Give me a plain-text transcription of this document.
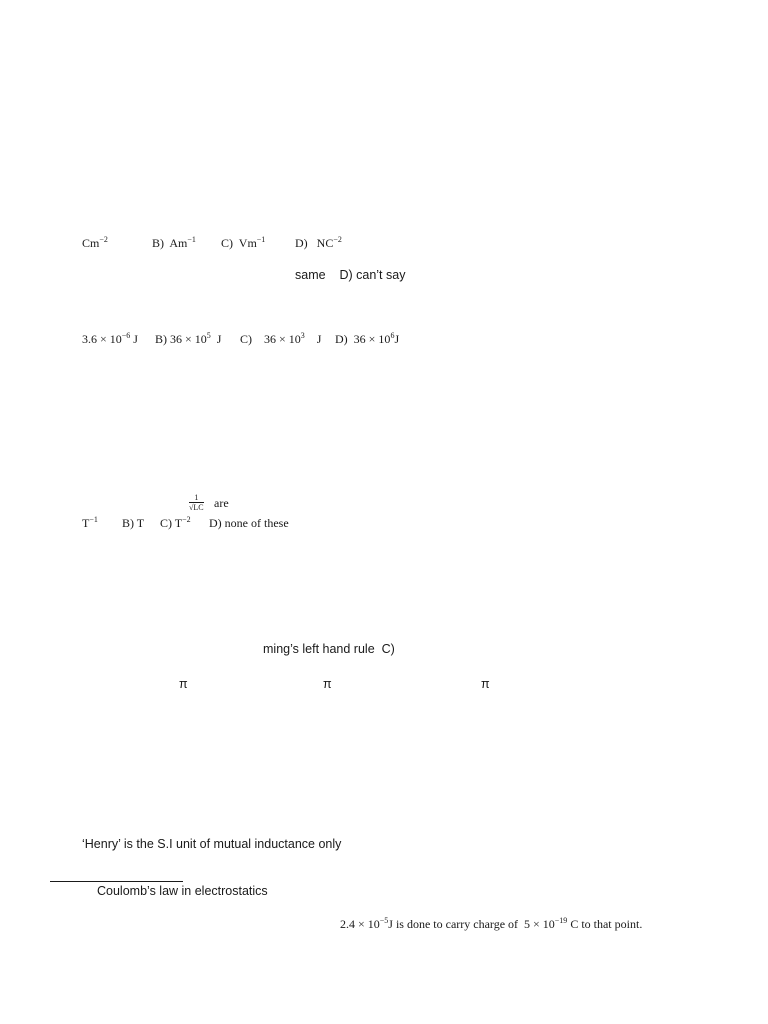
$Cm^{-2}$	B)  $Am^{-1}$ C)  $Vm^{-1}$ D)   $NC^{-2}$
same    D) can’t say
$3.6 \times 10^{-6}$ J B) $36 \times 10^5$  J C)    $36 \times 10^3$    J D)  $36 \times 10^6J$
$\frac{1}{√LC}$ are
$T^{-1}$ B) T C) $T^{-2}$ D) none of these
ming’s left hand rule  C)
π	π	π
‘Henry’ is the S.I unit of mutual inductance only
Coulomb’s law in electrostatics
$2.4 \times 10^{-5}J$ is done to carry charge of  $5 \times 10^{-19}$ C to that point.
